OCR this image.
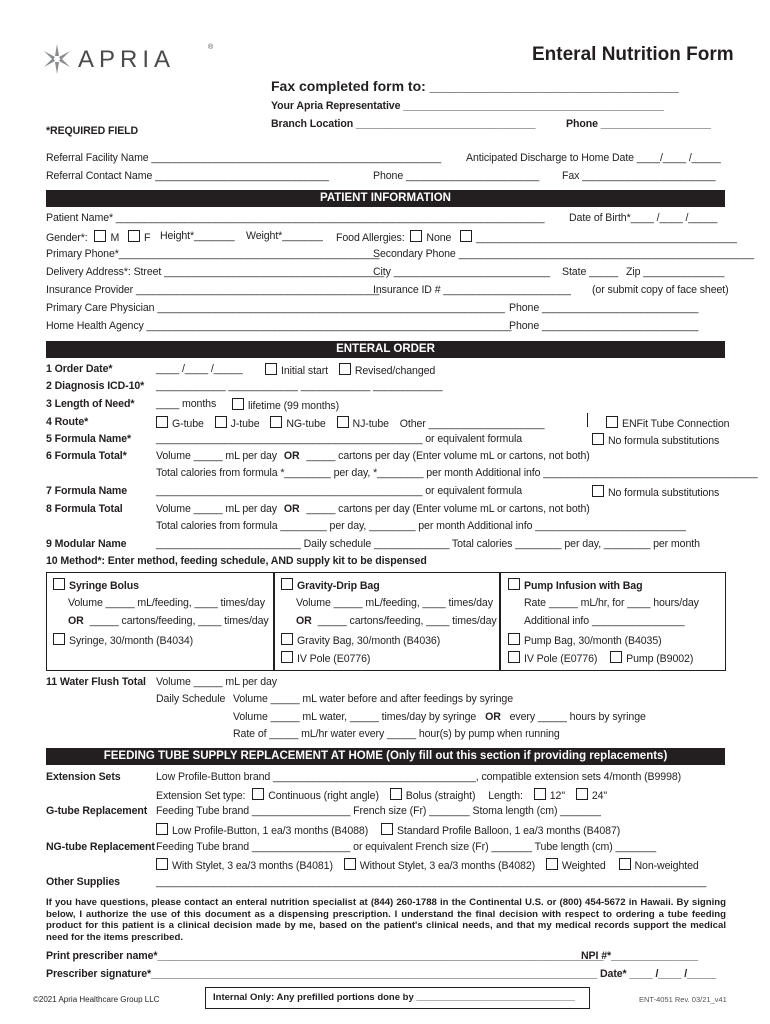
APRIA	®	Enteral Nutrition Form
Fax completed form to: ________________________________
Your Apria Representative _____________________________________________
Branch Location _______________________________	Phone ___________________
*REQUIRED FIELD
Referral Facility Name __________________________________________________ Anticipated Discharge to Home Date ____/____ /_____
Referral Contact Name ______________________________	Phone _______________________ Fax _______________________
PATIENT INFORMATION
Patient Name* __________________________________________________________________________ Date of Birth*____ /____ /_____
Gender*: M F Height*_______ Weight*_______ Food Allergies: None _____________________________________________
Primary Phone*_____________________________________________
Secondary Phone ___________________________________________________
Delivery Address*: Street ______________________________________
City ___________________________ State _____ Zip ______________
Insurance Provider __________________________________________
Insurance ID # ______________________ (or submit copy of face sheet)
Primary Care Physician ____________________________________________________________ Phone ___________________________
Home Health Agency _______________________________________________________________
Phone ___________________________
ENTERAL ORDER
1 Order Date*	____ /____ /_____	Initial start	Revised/changed
2 Diagnosis ICD-10* ____________ ____________ ____________ ____________
3 Length of Need* ____ months	lifetime (99 months)
4 Route*	G-tube	J-tube	NG-tube	NJ-tube Other ____________________	ENFit Tube Connection
5 Formula Name* ______________________________________________ or equivalent formula	No formula substitutions
6 Formula Total*	Volume _____ mL per day OR _____ cartons per day (Enter volume mL or cartons, not both)
Total calories from formula *________ per day, *________ per month Additional info _____________________________________
7 Formula Name	______________________________________________ or equivalent formula	No formula substitutions
8 Formula Total	Volume _____ mL per day OR _____ cartons per day (Enter volume mL or cartons, not both)
Total calories from formula ________ per day, ________ per month Additional info __________________________
9 Modular Name	_________________________ Daily schedule _____________ Total calories ________ per day, ________ per month
10 Method*: Enter method, feeding schedule, AND supply kit to be dispensed
Syringe Bolus
Volume _____ mL/feeding, ____ times/day
OR _____ cartons/feeding, ____ times/day
Syringe, 30/month (B4034)
Gravity-Drip Bag
Volume _____ mL/feeding, ____ times/day
OR _____ cartons/feeding, ____ times/day
Gravity Bag, 30/month (B4036)
IV Pole (E0776)
Pump Infusion with Bag
Rate _____ mL/hr, for ____ hours/day
Additional info ________________
Pump Bag, 30/month (B4035)
IV Pole (E0776)	Pump (B9002)
11 Water Flush Total Volume _____ mL per day
Daily Schedule Volume _____ mL water before and after feedings by syringe
Volume _____ mL water, _____ times/day by syringe OR every _____ hours by syringe
Rate of _____ mL/hr water every _____ hour(s) by pump when running
FEEDING TUBE SUPPLY REPLACEMENT AT HOME (Only fill out this section if providing replacements)
Extension Sets	Low Profile-Button brand ___________________________________, compatible extension sets 4/month (B9998)
Extension Set type: Continuous (right angle)	Bolus (straight) Length:	12"	24"
G-tube Replacement Feeding Tube brand _________________ French size (Fr) _______ Stoma length (cm) _______
Low Profile-Button, 1 ea/3 months (B4088)	Standard Profile Balloon, 1 ea/3 months (B4087)
NG-tube Replacement Feeding Tube brand _________________ or equivalent French size (Fr) _______ Tube length (cm) _______
With Stylet, 3 ea/3 months (B4081)	Without Stylet, 3 ea/3 months (B4082)	Weighted	Non-weighted
Other Supplies	_______________________________________________________________________________________________
If you have questions, please contact an enteral nutrition specialist at (844) 260-1788 in the Continental U.S. or (800) 454-5672 in Hawaii. By signing below, I authorize the use of this document as a dispensing prescription. I understand the final decision with respect to ordering a tube feeding product for this patient is a clinical decision made by me, based on the patient's clinical needs, and that my medical records support the medical need for the items prescribed.
Print prescriber name*_____________________________________________________________________________
NPI #*_______________
Prescriber signature*_____________________________________________________________________________ Date* ____ /____ /_____
©2021 Apria Healthcare Group LLC	Internal Only: Any prefilled portions done by ______________________________	ENT-4051 Rev. 03/21_v41
